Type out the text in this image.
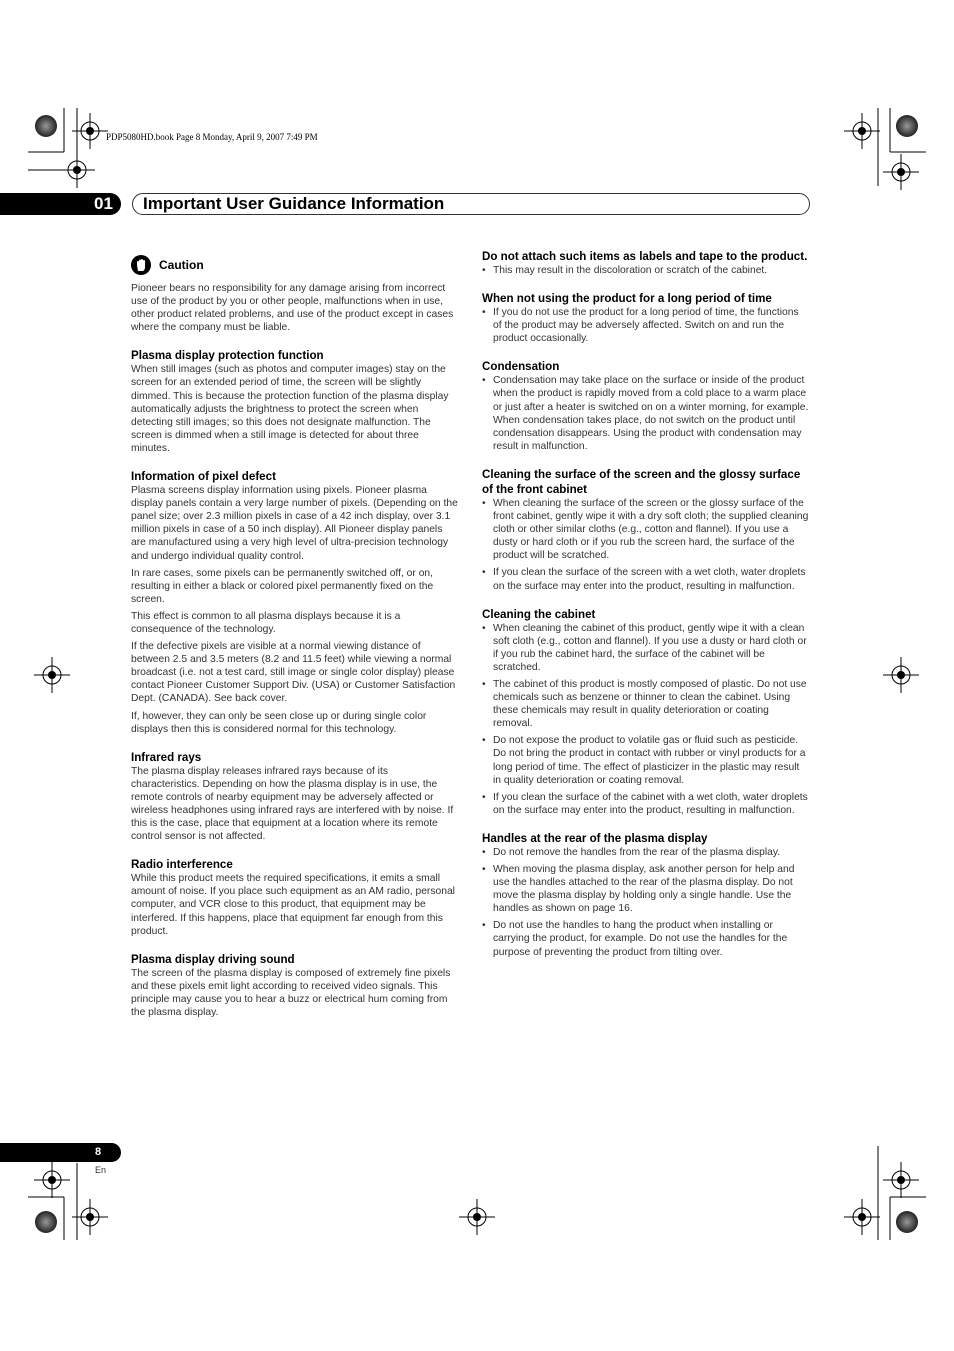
PDP5080HD.book Page 8 Monday, April 9, 2007 7:49 PM
01	Important User Guidance Information
Caution

Pioneer bears no responsibility for any damage arising from incorrect use of the product by you or other people, malfunctions when in use, other product related problems, and use of the product except in cases where the company must be liable.

Plasma display protection function

When still images (such as photos and computer images) stay on the screen for an extended period of time, the screen will be slightly dimmed. This is because the protection function of the plasma display automatically adjusts the brightness to protect the screen when detecting still images; so this does not designate malfunction. The screen is dimmed when a still image is detected for about three minutes.

Information of pixel defect

Plasma screens display information using pixels. Pioneer plasma display panels contain a very large number of pixels. (Depending on the panel size; over 2.3 million pixels in case of a 42 inch display, over 3.1 million pixels in case of a 50 inch display). All Pioneer display panels are manufactured using a very high level of ultra-precision technology and undergo individual quality control.

In rare cases, some pixels can be permanently switched off, or on, resulting in either a black or colored pixel permanently fixed on the screen.

This effect is common to all plasma displays because it is a consequence of the technology.

If the defective pixels are visible at a normal viewing distance of between 2.5 and 3.5 meters (8.2 and 11.5 feet) while viewing a normal broadcast (i.e. not a test card, still image or single color display) please contact Pioneer Customer Support Div. (USA) or Customer Satisfaction Dept. (CANADA). See back cover.

If, however, they can only be seen close up or during single color displays then this is considered normal for this technology.

Infrared rays

The plasma display releases infrared rays because of its characteristics. Depending on how the plasma display is in use, the remote controls of nearby equipment may be adversely affected or wireless headphones using infrared rays are interfered with by noise. If this is the case, place that equipment at a location where its remote control sensor is not affected.

Radio interference

While this product meets the required specifications, it emits a small amount of noise. If you place such equipment as an AM radio, personal computer, and VCR close to this product, that equipment may be interfered. If this happens, place that equipment far enough from this product.

Plasma display driving sound

The screen of the plasma display is composed of extremely fine pixels and these pixels emit light according to received video signals. This principle may cause you to hear a buzz or electrical hum coming from the plasma display.

Do not attach such items as labels and tape to the product.
• This may result in the discoloration or scratch of the cabinet.
When not using the product for a long period of time
• If you do not use the product for a long period of time, the functions of the product may be adversely affected. Switch on and run the product occasionally.
Condensation
• Condensation may take place on the surface or inside of the product when the product is rapidly moved from a cold place to a warm place or just after a heater is switched on on a winter morning, for example. When condensation takes place, do not switch on the product until condensation disappears. Using the product with condensation may result in malfunction.
Cleaning the surface of the screen and the glossy surface of the front cabinet
• When cleaning the surface of the screen or the glossy surface of the front cabinet, gently wipe it with a dry soft cloth; the supplied cleaning cloth or other similar cloths (e.g., cotton and flannel). If you use a dusty or hard cloth or if you rub the screen hard, the surface of the product will be scratched.
• If you clean the surface of the screen with a wet cloth, water droplets on the surface may enter into the product, resulting in malfunction.
Cleaning the cabinet
• When cleaning the cabinet of this product, gently wipe it with a clean soft cloth (e.g., cotton and flannel). If you use a dusty or hard cloth or if you rub the cabinet hard, the surface of the cabinet will be scratched.
• The cabinet of this product is mostly composed of plastic. Do not use chemicals such as benzene or thinner to clean the cabinet. Using these chemicals may result in quality deterioration or coating removal.
• Do not expose the product to volatile gas or fluid such as pesticide. Do not bring the product in contact with rubber or vinyl products for a long period of time. The effect of plasticizer in the plastic may result in quality deterioration or coating removal.
• If you clean the surface of the cabinet with a wet cloth, water droplets on the surface may enter into the product, resulting in malfunction.
Handles at the rear of the plasma display
• Do not remove the handles from the rear of the plasma display.
• When moving the plasma display, ask another person for help and use the handles attached to the rear of the plasma display. Do not move the plasma display by holding only a single handle. Use the handles as shown on page 16.
• Do not use the handles to hang the product when installing or carrying the product, for example. Do not use the handles for the purpose of preventing the product from tilting over.
8
En
